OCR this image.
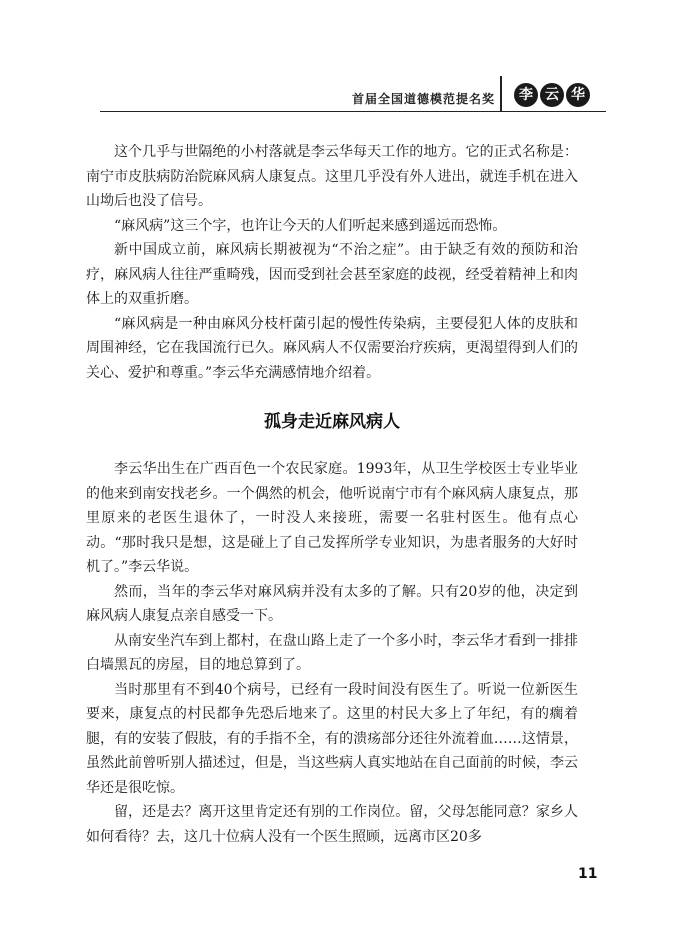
首届全国道德模范提名奖	李 云 华

这个几乎与世隔绝的小村落就是李云华每天工作的地方。它的正式名称是：南宁市皮肤病防治院麻风病人康复点。这里几乎没有外人进出，就连手机在进入山坳后也没了信号。

“麻风病”这三个字，也许让今天的人们听起来感到遥远而恐怖。

新中国成立前，麻风病长期被视为“不治之症”。由于缺乏有效的预防和治疗，麻风病人往往严重畸残，因而受到社会甚至家庭的歧视，经受着精神上和肉体上的双重折磨。

“麻风病是一种由麻风分枝杆菌引起的慢性传染病，主要侵犯人体的皮肤和周围神经，它在我国流行已久。麻风病人不仅需要治疗疾病，更渴望得到人们的关心、爱护和尊重。”李云华充满感情地介绍着。

孤身走近麻风病人

李云华出生在广西百色一个农民家庭。1993年，从卫生学校医士专业毕业的他来到南安找老乡。一个偶然的机会，他听说南宁市有个麻风病人康复点，那里原来的老医生退休了，一时没人来接班，需要一名驻村医生。他有点心动。“那时我只是想，这是碰上了自己发挥所学专业知识，为患者服务的大好时机了。”李云华说。

然而，当年的李云华对麻风病并没有太多的了解。只有20岁的他，决定到麻风病人康复点亲自感受一下。

从南安坐汽车到上都村，在盘山路上走了一个多小时，李云华才看到一排排白墙黑瓦的房屋，目的地总算到了。

当时那里有不到40个病号，已经有一段时间没有医生了。听说一位新医生要来，康复点的村民都争先恐后地来了。这里的村民大多上了年纪，有的瘸着腿，有的安装了假肢，有的手指不全，有的溃疡部分还往外流着血……这情景，虽然此前曾听别人描述过，但是，当这些病人真实地站在自己面前的时候，李云华还是很吃惊。

留，还是去？离开这里肯定还有别的工作岗位。留，父母怎能同意？家乡人如何看待？去，这几十位病人没有一个医生照顾，远离市区20多

11
